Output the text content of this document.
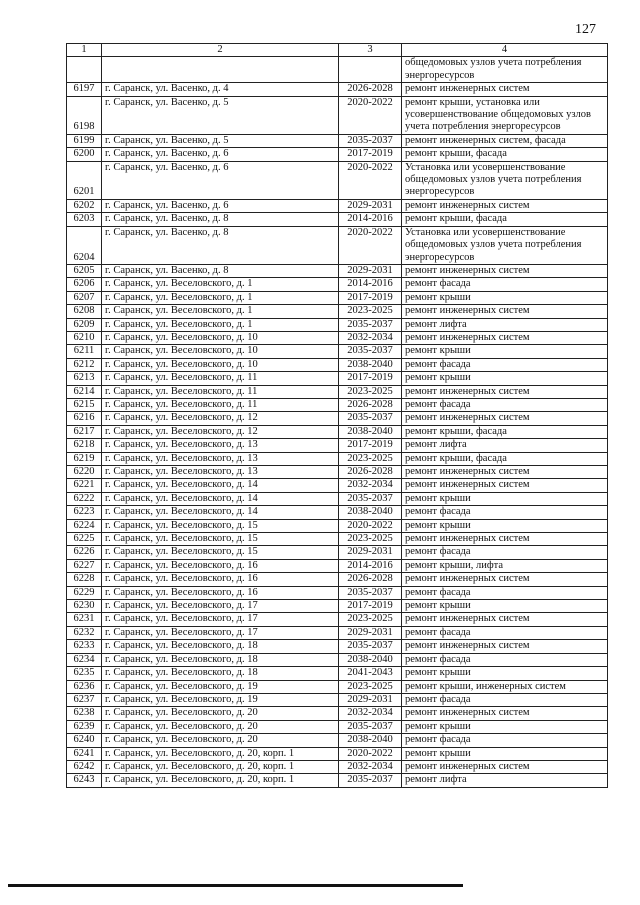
127
1	2	3	4
			общедомовых узлов учета потребления энергоресурсов
6197	г. Саранск, ул. Васенко, д. 4	2026-2028	ремонт инженерных систем
6198	г. Саранск, ул. Васенко, д. 5	2020-2022	ремонт крыши, установка или усовершенствование общедомовых узлов учета потребления энергоресурсов
6199	г. Саранск, ул. Васенко, д. 5	2035-2037	ремонт инженерных систем, фасада
6200	г. Саранск, ул. Васенко, д. 6	2017-2019	ремонт крыши, фасада
6201	г. Саранск, ул. Васенко, д. 6	2020-2022	Установка или усовершенствование общедомовых узлов учета потребления энергоресурсов
6202	г. Саранск, ул. Васенко, д. 6	2029-2031	ремонт инженерных систем
6203	г. Саранск, ул. Васенко, д. 8	2014-2016	ремонт крыши, фасада
6204	г. Саранск, ул. Васенко, д. 8	2020-2022	Установка или усовершенствование общедомовых узлов учета потребления энергоресурсов
6205	г. Саранск, ул. Васенко, д. 8	2029-2031	ремонт инженерных систем
6206	г. Саранск, ул. Веселовского, д. 1	2014-2016	ремонт фасада
6207	г. Саранск, ул. Веселовского, д. 1	2017-2019	ремонт крыши
6208	г. Саранск, ул. Веселовского, д. 1	2023-2025	ремонт инженерных систем
6209	г. Саранск, ул. Веселовского, д. 1	2035-2037	ремонт лифта
6210	г. Саранск, ул. Веселовского, д. 10	2032-2034	ремонт инженерных систем
6211	г. Саранск, ул. Веселовского, д. 10	2035-2037	ремонт крыши
6212	г. Саранск, ул. Веселовского, д. 10	2038-2040	ремонт фасада
6213	г. Саранск, ул. Веселовского, д. 11	2017-2019	ремонт крыши
6214	г. Саранск, ул. Веселовского, д. 11	2023-2025	ремонт инженерных систем
6215	г. Саранск, ул. Веселовского, д. 11	2026-2028	ремонт фасада
6216	г. Саранск, ул. Веселовского, д. 12	2035-2037	ремонт инженерных систем
6217	г. Саранск, ул. Веселовского, д. 12	2038-2040	ремонт крыши, фасада
6218	г. Саранск, ул. Веселовского, д. 13	2017-2019	ремонт лифта
6219	г. Саранск, ул. Веселовского, д. 13	2023-2025	ремонт крыши, фасада
6220	г. Саранск, ул. Веселовского, д. 13	2026-2028	ремонт инженерных систем
6221	г. Саранск, ул. Веселовского, д. 14	2032-2034	ремонт инженерных систем
6222	г. Саранск, ул. Веселовского, д. 14	2035-2037	ремонт крыши
6223	г. Саранск, ул. Веселовского, д. 14	2038-2040	ремонт фасада
6224	г. Саранск, ул. Веселовского, д. 15	2020-2022	ремонт крыши
6225	г. Саранск, ул. Веселовского, д. 15	2023-2025	ремонт инженерных систем
6226	г. Саранск, ул. Веселовского, д. 15	2029-2031	ремонт фасада
6227	г. Саранск, ул. Веселовского, д. 16	2014-2016	ремонт крыши, лифта
6228	г. Саранск, ул. Веселовского, д. 16	2026-2028	ремонт инженерных систем
6229	г. Саранск, ул. Веселовского, д. 16	2035-2037	ремонт фасада
6230	г. Саранск, ул. Веселовского, д. 17	2017-2019	ремонт крыши
6231	г. Саранск, ул. Веселовского, д. 17	2023-2025	ремонт инженерных систем
6232	г. Саранск, ул. Веселовского, д. 17	2029-2031	ремонт фасада
6233	г. Саранск, ул. Веселовского, д. 18	2035-2037	ремонт инженерных систем
6234	г. Саранск, ул. Веселовского, д. 18	2038-2040	ремонт фасада
6235	г. Саранск, ул. Веселовского, д. 18	2041-2043	ремонт крыши
6236	г. Саранск, ул. Веселовского, д. 19	2023-2025	ремонт крыши, инженерных систем
6237	г. Саранск, ул. Веселовского, д. 19	2029-2031	ремонт фасада
6238	г. Саранск, ул. Веселовского, д. 20	2032-2034	ремонт инженерных систем
6239	г. Саранск, ул. Веселовского, д. 20	2035-2037	ремонт крыши
6240	г. Саранск, ул. Веселовского, д. 20	2038-2040	ремонт фасада
6241	г. Саранск, ул. Веселовского, д. 20, корп. 1	2020-2022	ремонт крыши
6242	г. Саранск, ул. Веселовского, д. 20, корп. 1	2032-2034	ремонт инженерных систем
6243	г. Саранск, ул. Веселовского, д. 20, корп. 1	2035-2037	ремонт лифта
